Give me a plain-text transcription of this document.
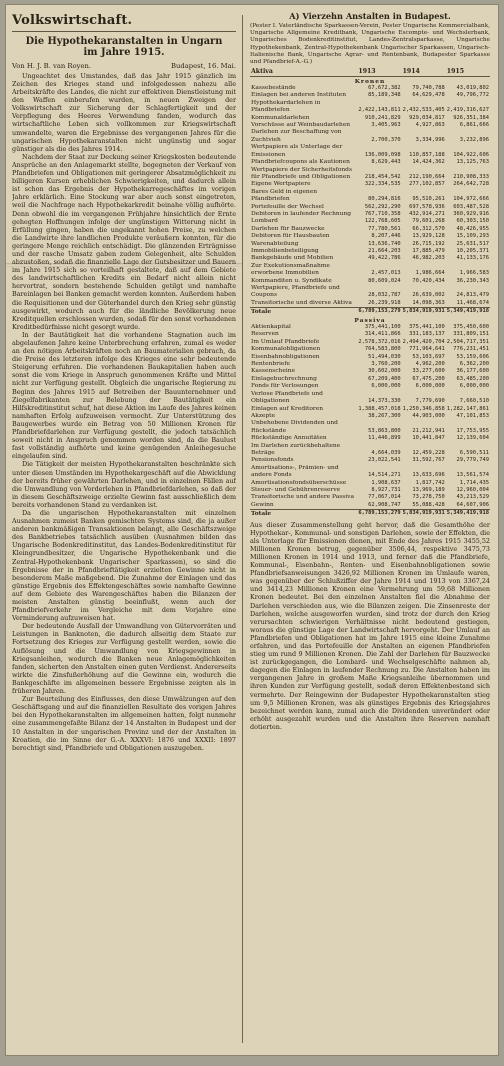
Volkswirtschaft.
Die Hypothekaranstalten in Ungarn im Jahre 1915.
Von H. J. B. van Royen.	Budapest, 16. Mai.

Ungeachtet des Umstandes, daß das Jahr 1915 gänzlich im Zeichen des Krieges stand und infolgedessen nahezu alle Arbeitskräfte des Landes, die nicht zur effektiven Dienstleistung mit den Waffen einberufen wurden, in neuen Zweigen der Volkswirtschaft zur Sicherung der Schlagfertigkeit und der Verpflegung des Heeres Verwendung fanden, wodurch das wirtschaftliche Leben sich vollkommen zur Kriegswirtschaft umwandelte, waren die Ergebnisse des vergangenen Jahres für die ungarischen Hypothekaranstalten nicht ungünstig und sogar günstiger als die des Jahres 1914.

Nachdem der Staat zur Deckung seiner Kriegskosten bedeutende Ansprüche an den Anlagemarkt stellte, begegneten der Verkauf von Pfandbriefen und Obligationen mit geringerer Absatzmöglichkeit zu billigeren Kursen erheblichen Schwierigkeiten, und dadurch allein ist schon das Ergebnis der Hypothekarregeschäftes im vorigen Jahre erklärlich. Eine Stockung war aber auch sonst eingetreten, weil die Nachfrage nach Hypothekarkredit beinahe völlig aufhörte. Denn obwohl die im vergangenen Frühjahre hinsichtlich der Ernte gehegten Hoffnungen infolge der ungünstigen Witterung nicht in Erfüllung gingen, haben die ungekannt hohen Preise, zu welchen die Landwirte ihre landlichen Produkte veräußern konnten, für die geringere Menge reichlich entschädigt. Die glänzenden Erträgnisse und der rasche Umsatz gaben zudem Gelegenheit, alte Schulden abzustoßen, sodaß die finanzielle Lage der Gutsbesitzer und Bauern im Jahre 1915 sich so vorteilhaft gestaltete, daß auf dem Gebiete des landwirtschaftlichen Kredits ein Bedarf nicht allein nicht hervortrat, sondern bestehende Schulden getilgt und namhafte Bareinlagen bei Banken gemacht werden konnten. Außerdem haben die Requisitionen und der Güterhandel durch den Krieg sehr günstig ausgewirkt, wodurch auch für die ländliche Bevölkerung neue Kreditquellen erschlossen wurden, sodaß für den sonst vorhandenen Kreditbedürfnisse nicht gesorgt wurde.

In der Bautätigkeit hat die vorhandene Stagnation auch im abgelaufenen Jahre keine Unterbrechung erfahren, zumal es weder an den nötigen Arbeitskräften noch an Baumaterialien gebrach, da die Preise des letzteren infolge des Krieges eine sehr bedeutende Steigerung erfuhren. Die vorhandenen Baukapitalien haben auch sonst die vom Kriege in Anspruch genommenen Kräfte und Mittel nicht zur Verfügung gestellt. Obgleich die ungarische Regierung zu Beginn des Jahres 1915 auf Betreiben der Bauunternehmer und Ziegelfabrikanten zur Belebung der Bautätigkeit ein Hilfskreditinstitut schuf, hat diese Aktion im Laufe des Jahres keinen namhaften Erfolg aufzuweisen vermocht. Zur Unterstützung des Baugewerbes wurde ein Betrag von 50 Millionen Kronen für Pfandbriefdarlehen zur Verfügung gestellt, die jedoch tatsächlich soweit nicht in Anspruch genommen worden sind, da die Baulust fast vollständig aufhörte und keine genügenden Anleihegesuche eingelaufen sind.

Die Tätigkeit der meisten Hypothekaranstalten beschränkte sich unter diesen Umständen im Hypothekargeschäft auf die Abwicklung der bereits früher gewährten Darlehen, und in einzelnen Fällen auf die Umwandlung von Vorderlehen in Pfandbriefdarlehen, so daß der in diesem Geschäftszweige erzielte Gewinn fast ausschließlich dem bereits vorhandenen Stand zu verdanken ist.

Da die ungarischen Hypothekaranstalten mit einzelnen Ausnahmen zumeist Banken gemischten Systems sind, die ja außer anderen bankmäßigen Transaktionen belangt, alle Geschäftszweige des Bankbetriebes tatsächlich ausüben (Ausnahmen bilden das Ungarische Bodenkreditinstitut, das Landes-Bodenkreditinstitut für Kleingrundbesitzer, die Ungarische Hypothekenbank und die Zentral-Hypothekenbank Ungarischer Sparkassen), so sind die Ergebnisse der in Pfandbrieftätigkeit erzielten Gewinne nicht in besonderem Maße maßgebend. Die Zunahme der Einlagen und das günstige Ergebnis des Effektengeschäftes sowie namhafte Gewinne auf dem Gebiete des Warengeschäftes haben die Bilanzen der meisten Anstalten günstig beeinflußt, wenn auch der Pfandbriefverkehr im Vergleiche mit dem Vorjahre eine Verminderung aufzuweisen hat.

Der bedeutende Ausfall der Umwandlung von Gütervorräten und Leistungen in Banknoten, die dadurch allseitig dem Staate zur Fortsetzung des Krieges zur Verfügung gestellt werden, sowie die Auflösung und die Umwandlung von Kriegsgewinnen in Kriegsanleihen, wodurch die Banken neue Anlagemöglichkeiten fanden, sicherten den Anstalten einen guten Verdienst. Andererseits wirkte die Zinsfußerhöhung auf die Gewinne ein, wodurch die Bankgeschäfte im allgemeinen bessere Ergebnisse zeigten als in früheren Jahren.

Zur Beurteilung des Einflusses, den diese Umwälzungen auf den Geschäftsgang und auf die finanziellen Resultate des vorigen Jahres bei den Hypothekaranstalten im allgemeinen hatten, folgt nunmehr eine zusammengefaßte Bilanz der 14 Anstalten in Budapest und der 10 Anstalten in der ungarischen Provinz und der der Anstalten in Kroatien, die im Sinne der G.-A. XXXVI: 1876 und XXXII: 1897 berechtigt sind, Pfandbriefe und Obligationen auszugeben.

A) Vierzehn Anstalten in Budapest.
(Pester I. Vaterländische Sparkassen-Verein, Pester Ungarische Kommercialbank, Ungarische Allgemeine Kreditbank, Ungarische Escompte- und Wechslerbank, Ungarisches Bodenkreditinstitut, Landes-Zentralsparkasse, Ungarische Hypothekenbank, Zentral-Hypothekenbank Ungarischer Sparkassen, Ungarisch-Italienische Bank, Ungarische Agrar- und Rentenbank, Budapester Sparkasse und Pfandbrief-A.-G.)
Aktiva	1913	1914	1915
Kronen			
Kassebestände	67,672,382	79,740,788	43,019,802
Einlagen bei anderen Instituten	85,189,348	64,629,478	49,796,772
Hypothekardarlehen in Pfandbriefen	2,422,143,811	2,432,533,405	2,419,316,627
Kommunaldarlehen	910,241,829	929,034,817	926,351,384
Vorschüsse auf Weinbaudarlehen	3,405,963	4,927,863	6,861,666
Darlehen zur Beschaffung von Zuchtvieh	2,700,370	3,334,996	3,232,896
Wertpapiere als Unterlage der Emissionen	136,009,098	110,857,188	104,922,606
Pfandbriefcoupons als Kautionen	8,629,443	14,424,362	13,125,763
Wertpapiere der Sicherheitsfonds für Pfandbriefe und Obligationen	218,454,542	212,190,664	210,908,333
Eigene Wertpapiere	322,334,535	277,102,857	264,642,728
Bares Geld in eigenen Pfandbriefen	80,294,816	95,510,261	104,972,666
Portefeuille der Wechsel	562,292,290	697,578,936	603,487,528
Debitoren in laufender Rechnung	767,710,358	432,914,271	360,929,916
Lombard	122,768,605	79,601,268	60,303,150
Darlehen für Bauzwecke	77,780,561	66,312,570	48,426,955
Debitoren für Hausbauten	8,207,446	13,929,128	15,109,293
Warenabteilung	13,636,740	26,715,192	25,631,517
Immobilienbeteiligung	21,664,203	17,885,479	10,205,371
Bankgebäude und Mobilien	49,422,786	46,982,203	41,133,176
Zur Exekutionsmaßnahme erworbene Immobilien	2,457,013	1,986,664	1,966,583
Kommanditen u. Syndikate	80,609,024	70,420,434	36,230,343
Wertpapiere, Pfandbriefe und Coupons	28,032,787	26,639,002	24,813,479
Transitorische und diverse Aktiva	26,239,918	14,098,363	11,468,674
Totale	6,789,153,279	5,834,919,931	5,349,419,918
Passiva			
Aktienkapital	375,441,100	375,441,100	375,450,600
Reserven	314,411,866	331,183,137	331,809,151
Im Umlauf Pfandbriefe	2,578,372,016	2,494,420,704	2,504,717,351
Kommunalobligationen	764,583,800	771,964,641	776,231,451
Eisenbahnobligationen	51,494,030	53,103,697	53,159,606
Rentenbriefe	3,760,200	4,962,200	6,362,200
Kassenscheine	30,602,000	33,277,600	36,177,600
Einlagebuchrechnung	67,209,400	67,475,200	63,485,200
Fonds für Verlosungen	6,000,000	6,000,000	6,000,000
Verlose Pfandbriefe und Obligationen	14,373,330	7,779,690	7,660,510
Einlagen auf Kreditoren	1,388,457,018	1,250,346,858	1,282,147,861
Akzepte	38,267,300	44,903,000	47,101,853
Unbehobene Dividenden und Rückstände	53,863,800	21,212,941	17,753,955
Rückständige Annuitäten	11,446,899	10,441,847	12,139,604
Im Darlehen zurückbehaltene Beträge	4,664,039	12,459,228	6,590,511
Pensionsfonds	23,022,541	31,592,767	29,779,749
Amortisations-, Prämien- und andere Fonds	14,514,271	13,633,696	13,561,574
Amortisationsfondsüberschüsse	1,908,637	1,817,742	1,714,435
Steuer- und Gebührenreserve	8,927,731	13,969,189	12,960,004
Transitorische und andere Passiva	77,067,014	73,278,750	43,213,529
Gewinn	62,908,747	55,088,428	64,607,906
Totale	6,789,153,279	5,834,919,931	5,349,419,918
Aus dieser Zusammenstellung geht hervor, daß die Gesamthöhe der Hypothekar-, Kommunal- und sonstigen Darlehen, sowie der Effekten, die als Unterlage für Emissionen dienen, mit Ende des Jahres 1915 3455,52 Millionen Kronen betrug, gegenüber 3506,44, respektive 3475,73 Millionen Kronen in 1914 und 1913, und ferner daß die Pfandbriefe, Kommunal-, Eisenbahn-, Renten- und Eisenbahnobligationen sowie Pfandbriefsanweisungen 3426,92 Millionen Kronen im Umlaufe waren, was gegenüber der Schlußziffer der Jahre 1914 und 1913 von 3367,24 und 3414,23 Millionen Kronen eine Vermehrung um 59,68 Millionen Kronen bedeutet. Bei den einzelnen Anstalten fiel die Abnahme der Darlehen verschieden aus, wie die Bilanzen zeigen. Die Zinsenreste der Darlehen, welche ausgeworfen wurden, sind trotz der durch den Krieg verursachten schwierigen Verhältnisse nicht bedeutend gestiegen, woraus die günstige Lage der Landwirtschaft hervorgeht. Der Umlauf an Pfandbriefen und Obligationen hat im Jahre 1915 eine kleine Zunahme erfahren, und das Portefeuille der Anstalten an eigenen Pfandbriefen stieg um rund 9 Millionen Kronen. Die Zahl der Darlehen für Bauzwecke ist zurückgegangen, die Lombard- und Wechselgeschäfte nahmen ab, dagegen die Einlagen in laufender Rechnung zu. Die Anstalten haben im vergangenen Jahre in großem Maße Kriegsanleihe übernommen und ihren Kunden zur Verfügung gestellt, sodaß deren Effektenbestand sich vermehrte. Der Reingewinn der Budapester Hypothekaranstalten stieg um 9,5 Millionen Kronen, was als günstiges Ergebnis des Kriegsjahres bezeichnet werden kann, zumal auch die Dividenden unverändert oder erhöht ausgezahlt wurden und die Anstalten ihre Reserven namhaft dotierten.
